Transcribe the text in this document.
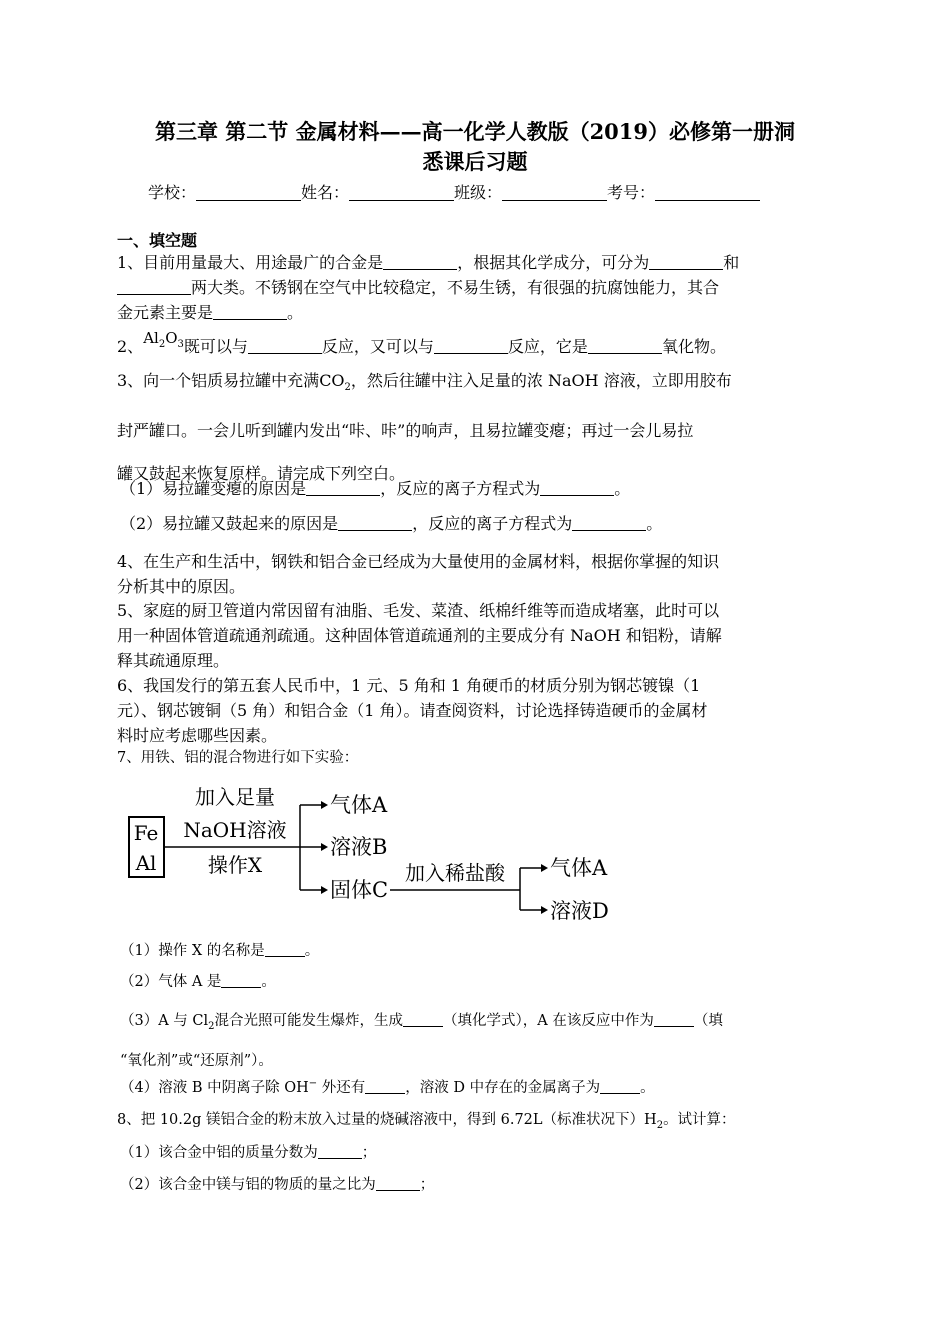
第三章 第二节 金属材料——高一化学人教版（2019）必修第一册洞
悉课后习题
学校：	姓名：	班级：	考号：
一、填空题
1、目前用量最大、用途最广的合金是	，根据其化学成分，可分为	和
两大类。不锈钢在空气中比较稳定，不易生锈，有很强的抗腐蚀能力，其合
金元素主要是	。
2、$Al_2O_3$既可以与	反应，又可以与	反应，它是	氧化物。
3、向一个铝质易拉罐中充满$CO_2$，然后往罐中注入足量的浓 NaOH 溶液，立即用胶布
封严罐口。一会儿听到罐内发出“咔、咔”的响声，且易拉罐变瘪；再过一会儿易拉
罐又鼓起来恢复原样。请完成下列空白。
（1）易拉罐变瘪的原因是	，反应的离子方程式为	。
（2）易拉罐又鼓起来的原因是	，反应的离子方程式为	。
4、在生产和生活中，钢铁和铝合金已经成为大量使用的金属材料，根据你掌握的知识
分析其中的原因。
5、家庭的厨卫管道内常因留有油脂、毛发、菜渣、纸棉纤维等而造成堵塞，此时可以
用一种固体管道疏通剂疏通。这种固体管道疏通剂的主要成分有 NaOH 和铝粉，请解
释其疏通原理。
6、我国发行的第五套人民币中，1 元、5 角和 1 角硬币的材质分别为钢芯镀镍（1
元）、钢芯镀铜（5 角）和铝合金（1 角）。请查阅资料，讨论选择铸造硬币的金属材
料时应考虑哪些因素。
7、用铁、铝的混合物进行如下实验：
Fe
Al
加入足量
NaOH溶液
操作X
气体A
溶液B
固体C
加入稀盐酸 气体A
溶液D
（1）操作 X 的名称是	。
（2）气体 A 是	。
（3）A 与 $Cl_2$混合光照可能发生爆炸，生成	（填化学式），A 在该反应中作为	（填
“氧化剂”或“还原剂”）。
（4）溶液 B 中阴离子除 OH− 外还有	，溶液 D 中存在的金属离子为	。
8、把 10.2g 镁铝合金的粉末放入过量的烧碱溶液中，得到 6.72L（标准状况下）$H_2$。试计算：
（1）该合金中铝的质量分数为	；
（2）该合金中镁与铝的物质的量之比为	；
